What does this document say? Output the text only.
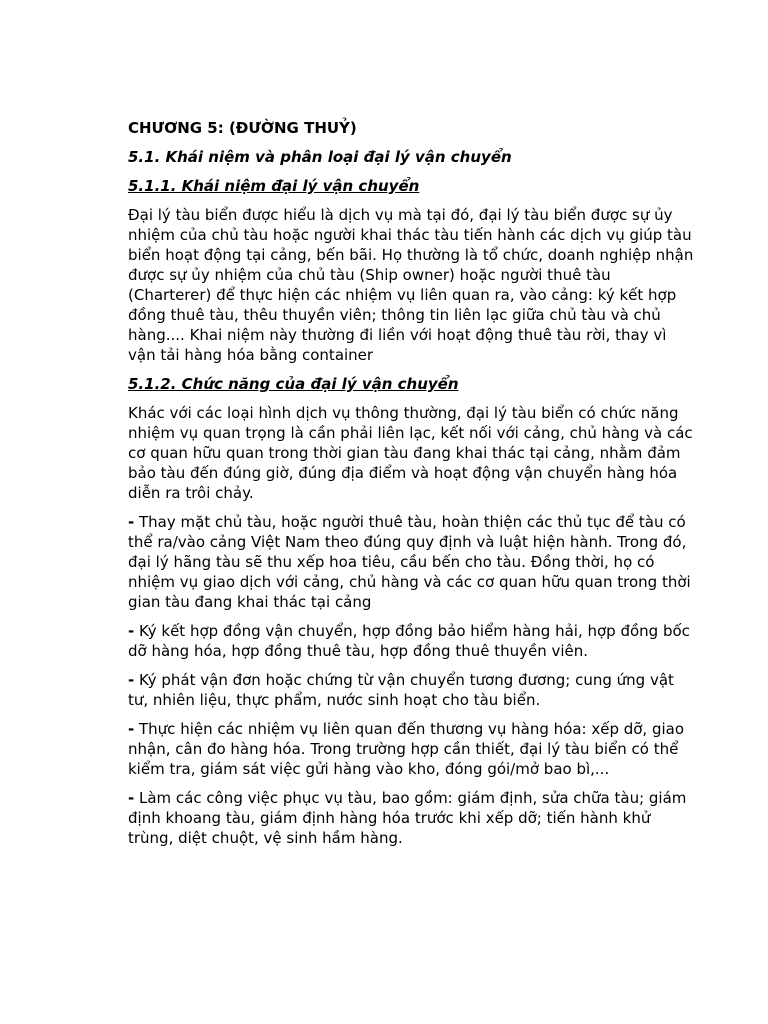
CHƯƠNG 5: (ĐƯỜNG THUỶ)
5.1. Khái niệm và phân loại đại lý vận chuyển
5.1.1. Khái niệm đại lý vận chuyển

Đại lý tàu biển được hiểu là dịch vụ mà tại đó, đại lý tàu biển được sự ủy nhiệm của chủ tàu hoặc người khai thác tàu tiến hành các dịch vụ giúp tàu biển hoạt động tại cảng, bến bãi. Họ thường là tổ chức, doanh nghiệp nhận được sự ủy nhiệm của chủ tàu (Ship owner) hoặc người thuê tàu (Charterer) để thực hiện các nhiệm vụ liên quan ra, vào cảng: ký kết hợp đồng thuê tàu, thêu thuyền viên; thông tin liên lạc giữa chủ tàu và chủ hàng.... Khai niệm này thường đi liền với hoạt động thuê tàu rời, thay vì vận tải hàng hóa bằng container

5.1.2. Chức năng của đại lý vận chuyển

Khác với các loại hình dịch vụ thông thường, đại lý tàu biển có chức năng nhiệm vụ quan trọng là cần phải liên lạc, kết nối với cảng, chủ hàng và các cơ quan hữu quan trong thời gian tàu đang khai thác tại cảng, nhằm đảm bảo tàu đến đúng giờ, đúng địa điểm và hoạt động vận chuyển hàng hóa diễn ra trôi chảy.

- Thay mặt chủ tàu, hoặc người thuê tàu, hoàn thiện các thủ tục để tàu có thể ra/vào cảng Việt Nam theo đúng quy định và luật hiện hành. Trong đó, đại lý hãng tàu sẽ thu xếp hoa tiêu, cầu bến cho tàu. Đồng thời, họ có nhiệm vụ giao dịch với cảng, chủ hàng và các cơ quan hữu quan trong thời gian tàu đang khai thác tại cảng

- Ký kết hợp đồng vận chuyển, hợp đồng bảo hiểm hàng hải, hợp đồng bốc dỡ hàng hóa, hợp đồng thuê tàu, hợp đồng thuê thuyền viên.

- Ký phát vận đơn hoặc chứng từ vận chuyển tương đương; cung ứng vật tư, nhiên liệu, thực phẩm, nước sinh hoạt cho tàu biển.

- Thực hiện các nhiệm vụ liên quan đến thương vụ hàng hóa: xếp dỡ, giao nhận, cân đo hàng hóa. Trong trường hợp cần thiết, đại lý tàu biển có thể kiểm tra, giám sát việc gửi hàng vào kho, đóng gói/mở bao bì,...

- Làm các công việc phục vụ tàu, bao gồm: giám định, sửa chữa tàu; giám định khoang tàu, giám định hàng hóa trước khi xếp dỡ; tiến hành khử trùng, diệt chuột, vệ sinh hầm hàng.
